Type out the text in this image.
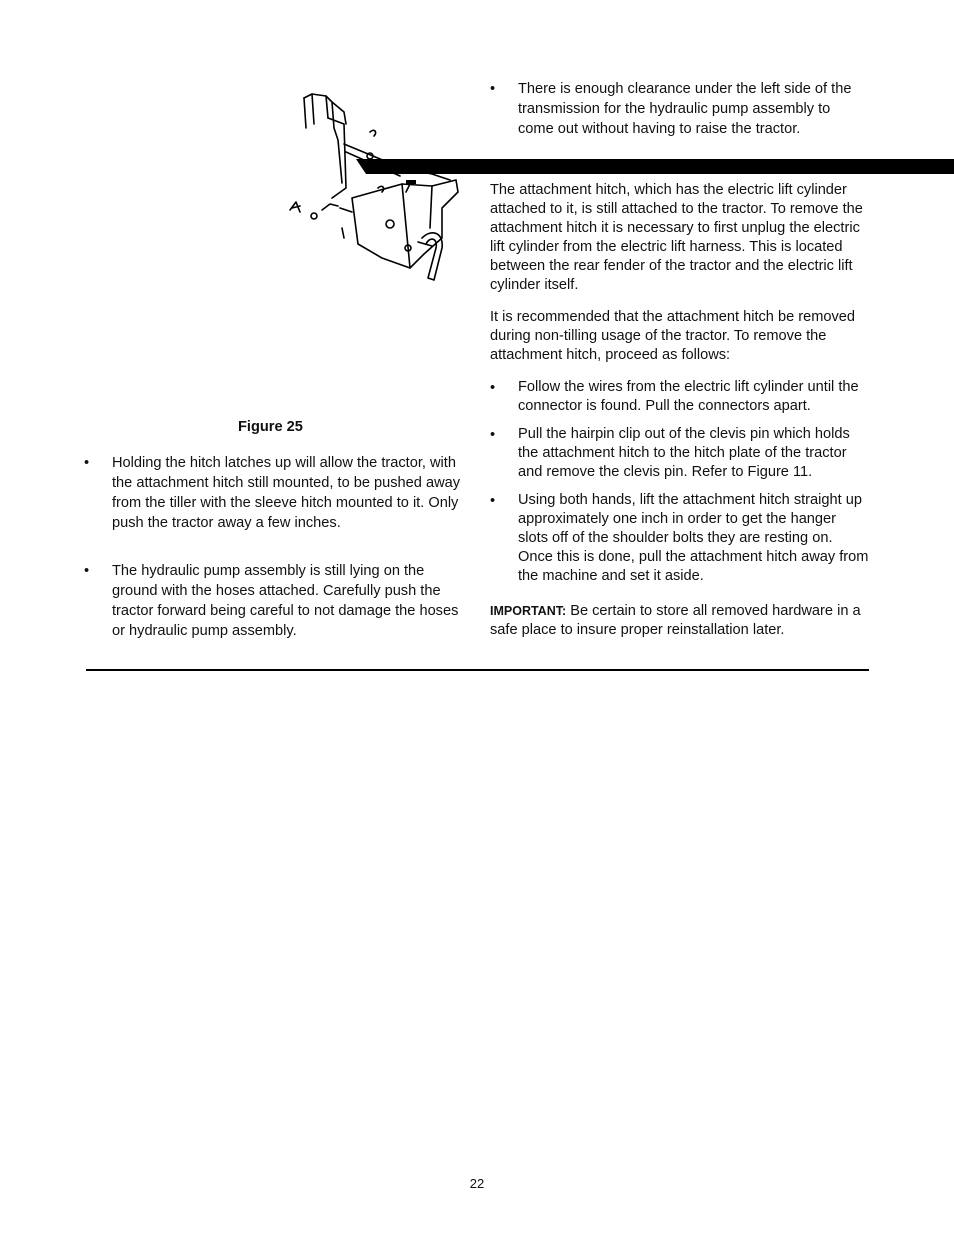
Figure 25
• Holding the hitch latches up will allow the tractor, with the attachment hitch still mounted, to be pushed away from the tiller with the sleeve hitch mounted to it. Only push the tractor away a few inches.
• The hydraulic pump assembly is still lying on the ground with the hoses attached. Carefully push the tractor forward being careful to not damage the hoses or hydraulic pump assembly.
• There is enough clearance under the left side of the transmission for the hydraulic pump assembly to come out without having to raise the tractor.

The attachment hitch, which has the electric lift cylinder attached to it, is still attached to the tractor. To remove the attachment hitch it is necessary to first unplug the electric lift cylinder from the electric lift harness. This is located between the rear fender of the tractor and the electric lift cylinder itself.

It is recommended that the attachment hitch be removed during non-tilling usage of the tractor. To remove the attachment hitch, proceed as follows:

• Follow the wires from the electric lift cylinder until the connector is found. Pull the connectors apart.
• Pull the hairpin clip out of the clevis pin which holds the attachment hitch to the hitch plate of the tractor and remove the clevis pin. Refer to Figure 11.
• Using both hands, lift the attachment hitch straight up approximately one inch in order to get the hanger slots off of the shoulder bolts they are resting on. Once this is done, pull the attachment hitch away from the machine and set it aside.

IMPORTANT: Be certain to store all removed hardware in a safe place to insure proper reinstallation later.

22
